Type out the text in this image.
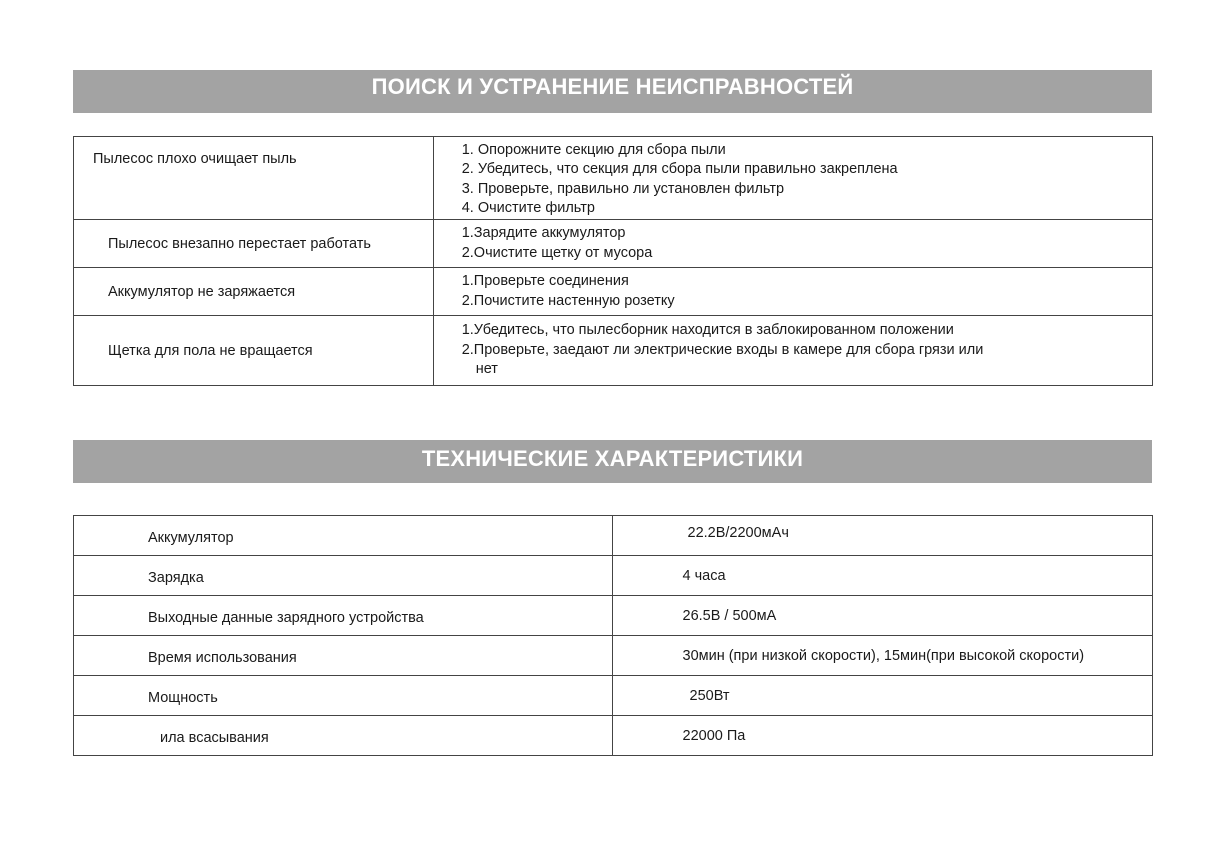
ПОИСК И УСТРАНЕНИЕ НЕИСПРАВНОСТЕЙ
Пылесос плохо очищает пыль	1. Опорожните секцию для сбора пыли
2. Убедитесь, что секция для сбора пыли правильно закреплена
3. Проверьте, правильно ли установлен фильтр
4. Очистите фильтр

Пылесос внезапно перестает работать	1.Зарядите аккумулятор
2.Очистите щетку от мусора

Аккумулятор не заряжается	1.Проверьте соединения
2.Почистите настенную розетку

Щетка для пола не вращается	1.Убедитесь, что пылесборник находится в заблокированном положении
2.Проверьте, заедают ли электрические входы в камере для сбора грязи или
нет
ТЕХНИЧЕСКИЕ ХАРАКТЕРИСТИКИ
Аккумулятор	22.2В/2200мАч

Зарядка	4 часа

Выходные данные зарядного устройства	26.5В / 500мА

Время использования	30мин (при низкой скорости), 15мин(при высокой скорости)

Мощность	250Вт

ила всасывания	22000 Па
